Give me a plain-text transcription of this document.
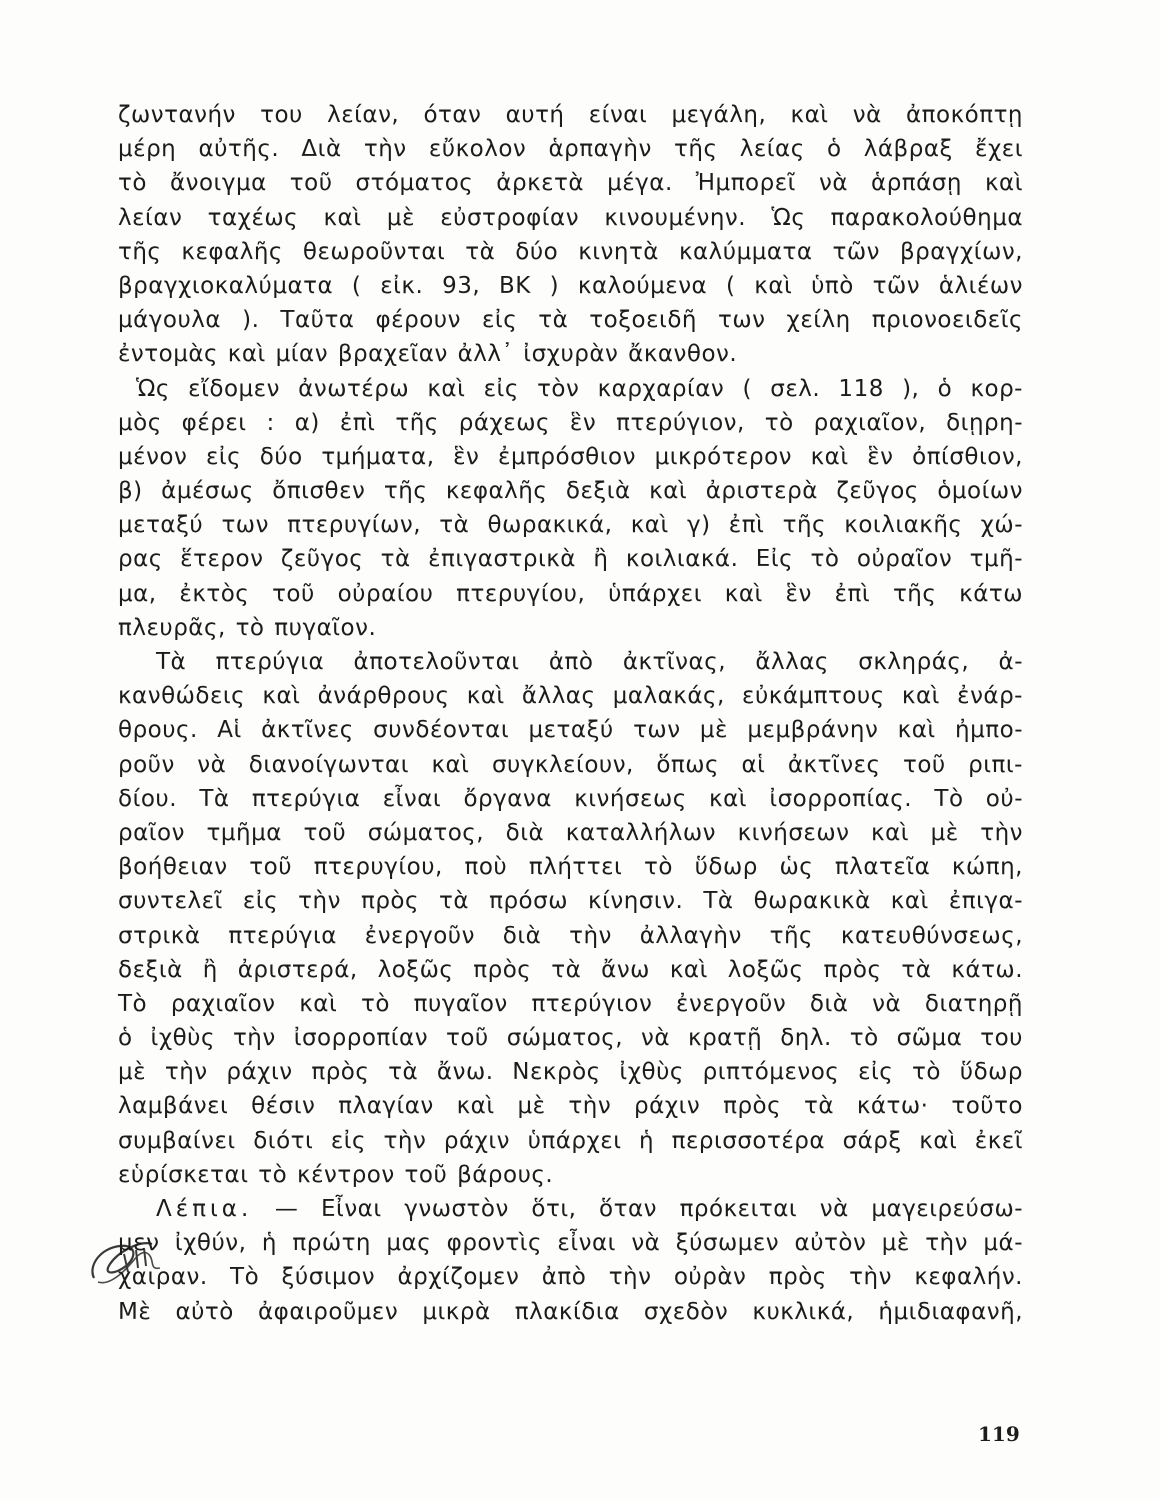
ζωντανήν του λείαν, όταν αυτή είναι μεγάλη, καὶ νὰ ἀποκόπτῃ
μέρη αὐτῆς. Διὰ τὴν εὔκολον ἁρπαγὴν τῆς λείας ὁ λάβραξ ἔχει
τὸ ἄνοιγμα τοῦ στόματος ἀρκετὰ μέγα. Ἠμπορεῖ νὰ ἁρπάσῃ καὶ
λείαν ταχέως καὶ μὲ εὐστροφίαν κινουμένην. Ὡς παρακολούθημα
τῆς κεφαλῆς θεωροῦνται τὰ δύο κινητὰ καλύμματα τῶν βραγχίων,
βραγχιοκαλύματα ( εἰκ. 93, ΒΚ ) καλούμενα ( καὶ ὑπὸ τῶν ἁλιέων
μάγουλα ). Ταῦτα φέρουν εἰς τὰ τοξοειδῆ των χείλη πριονοειδεῖς
ἐντομὰς καὶ μίαν βραχεῖαν ἀλλ᾿ ἰσχυρὰν ἄκανθον.
Ὡς εἴδομεν ἀνωτέρω καὶ εἰς τὸν καρχαρίαν ( σελ. 118 ), ὁ κορ-
μὸς φέρει : α) ἐπὶ τῆς ράχεως ἓν πτερύγιον, τὸ ραχιαῖον, διῃρη-
μένον εἰς δύο τμήματα, ἓν ἐμπρόσθιον μικρότερον καὶ ἓν ὀπίσθιον,
β) ἀμέσως ὄπισθεν τῆς κεφαλῆς δεξιὰ καὶ ἀριστερὰ ζεῦγος ὁμοίων
μεταξύ των πτερυγίων, τὰ θωρακικά, καὶ γ) ἐπὶ τῆς κοιλιακῆς χώ-
ρας ἕτερον ζεῦγος τὰ ἐπιγαστρικὰ ἢ κοιλιακά. Εἰς τὸ οὐραῖον τμῆ-
μα, ἐκτὸς τοῦ οὐραίου πτερυγίου, ὑπάρχει καὶ ἓν ἐπὶ τῆς κάτω
πλευρᾶς, τὸ πυγαῖον.
Τὰ πτερύγια ἀποτελοῦνται ἀπὸ ἀκτῖνας, ἄλλας σκληράς, ἀ-
κανθώδεις καὶ ἀνάρθρους καὶ ἄλλας μαλακάς, εὐκάμπτους καὶ ἐνάρ-
θρους. Αἱ ἀκτῖνες συνδέονται μεταξύ των μὲ μεμβράνην καὶ ἠμπο-
ροῦν νὰ διανοίγωνται καὶ συγκλείουν, ὅπως αἱ ἀκτῖνες τοῦ ριπι-
δίου. Τὰ πτερύγια εἶναι ὄργανα κινήσεως καὶ ἰσορροπίας. Τὸ οὐ-
ραῖον τμῆμα τοῦ σώματος, διὰ καταλλήλων κινήσεων καὶ μὲ τὴν
βοήθειαν τοῦ πτερυγίου, ποὺ πλήττει τὸ ὕδωρ ὡς πλατεῖα κώπη,
συντελεῖ εἰς τὴν πρὸς τὰ πρόσω κίνησιν. Τὰ θωρακικὰ καὶ ἐπιγα-
στρικὰ πτερύγια ἐνεργοῦν διὰ τὴν ἀλλαγὴν τῆς κατευθύνσεως,
δεξιὰ ἢ ἀριστερά, λοξῶς πρὸς τὰ ἄνω καὶ λοξῶς πρὸς τὰ κάτω.
Τὸ ραχιαῖον καὶ τὸ πυγαῖον πτερύγιον ἐνεργοῦν διὰ νὰ διατηρῇ
ὁ ἰχθὺς τὴν ἰσορροπίαν τοῦ σώματος, νὰ κρατῇ δηλ. τὸ σῶμα του
μὲ τὴν ράχιν πρὸς τὰ ἄνω. Νεκρὸς ἰχθὺς ριπτόμενος εἰς τὸ ὕδωρ
λαμβάνει θέσιν πλαγίαν καὶ μὲ τὴν ράχιν πρὸς τὰ κάτω· τοῦτο
συμβαίνει διότι εἰς τὴν ράχιν ὑπάρχει ἡ περισσοτέρα σάρξ καὶ ἐκεῖ
εὑρίσκεται τὸ κέντρον τοῦ βάρους.
Λέπια. — Εἶναι γνωστὸν ὅτι, ὅταν πρόκειται νὰ μαγειρεύσω-
μεν ἰχθύν, ἡ πρώτη μας φροντὶς εἶναι νὰ ξύσωμεν αὐτὸν μὲ τὴν μά-
χαιραν. Τὸ ξύσιμον ἀρχίζομεν ἀπὸ τὴν οὐρὰν πρὸς τὴν κεφαλήν.
Μὲ αὐτὸ ἀφαιροῦμεν μικρὰ πλακίδια σχεδὸν κυκλικά, ἡμιδιαφανῆ,
119
